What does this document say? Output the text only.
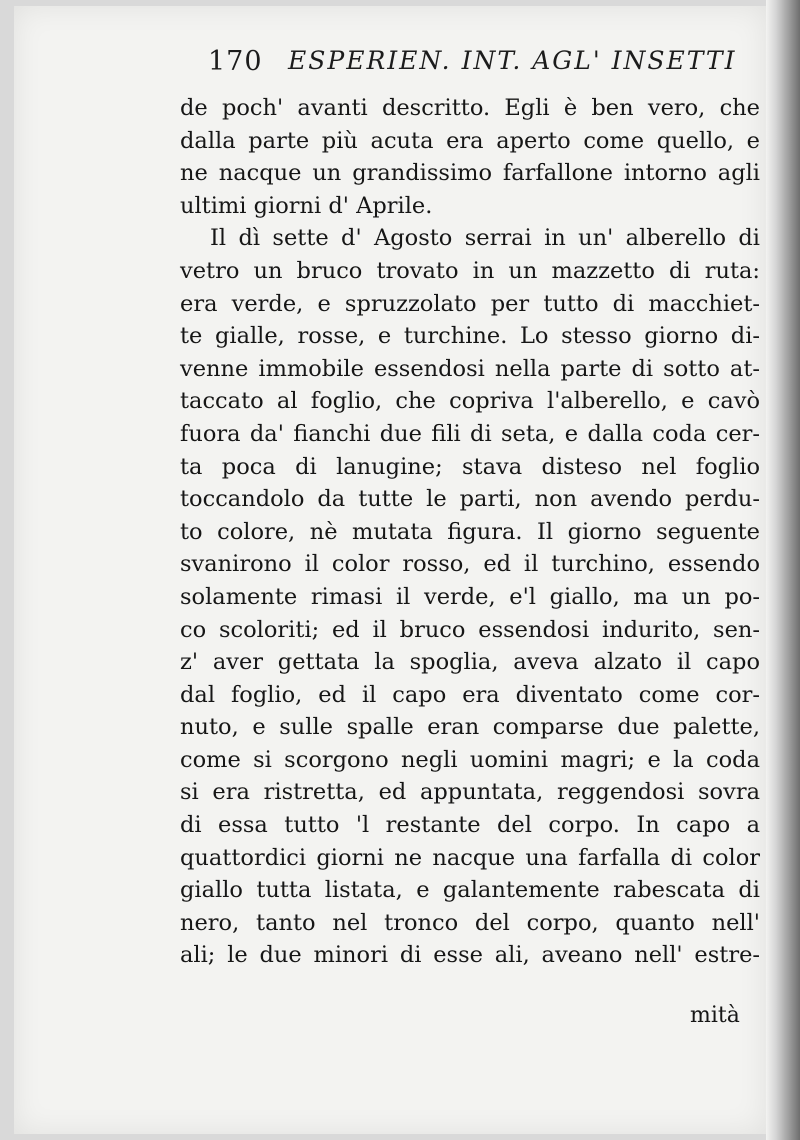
170 ESPERIEN. INT. AGL' INSETTI
de poch' avanti descritto. Egli è ben vero, che
dalla parte più acuta era aperto come quello, e
ne nacque un grandissimo farfallone intorno agli
ultimi giorni d' Aprile.
Il dì sette d' Agosto serrai in un' alberello di
vetro un bruco trovato in un mazzetto di ruta:
era verde, e spruzzolato per tutto di macchiet-
te gialle, rosse, e turchine. Lo stesso giorno di-
venne immobile essendosi nella parte di sotto at-
taccato al foglio, che copriva l'alberello, e cavò
fuora da' fianchi due fili di seta, e dalla coda cer-
ta poca di lanugine; stava disteso nel foglio
toccandolo da tutte le parti, non avendo perdu-
to colore, nè mutata figura. Il giorno seguente
svanirono il color rosso, ed il turchino, essendo
solamente rimasi il verde, e'l giallo, ma un po-
co scoloriti; ed il bruco essendosi indurito, sen-
z' aver gettata la spoglia, aveva alzato il capo
dal foglio, ed il capo era diventato come cor-
nuto, e sulle spalle eran comparse due palette,
come si scorgono negli uomini magri; e la coda
si era ristretta, ed appuntata, reggendosi sovra
di essa tutto 'l restante del corpo. In capo a
quattordici giorni ne nacque una farfalla di color
giallo tutta listata, e galantemente rabescata di
nero, tanto nel tronco del corpo, quanto nell'
ali; le due minori di esse ali, aveano nell' estre-
mità
